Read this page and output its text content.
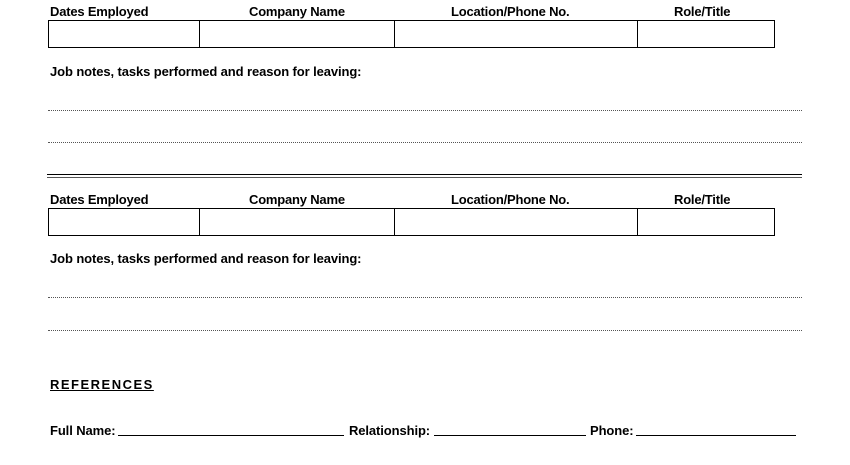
Dates Employed	Company Name	Location/Phone No.	Role/Title
Job notes, tasks performed and reason for leaving:
Dates Employed	Company Name	Location/Phone No.	Role/Title
Job notes, tasks performed and reason for leaving:
REFERENCES
Full Name:	Relationship:	Phone:
